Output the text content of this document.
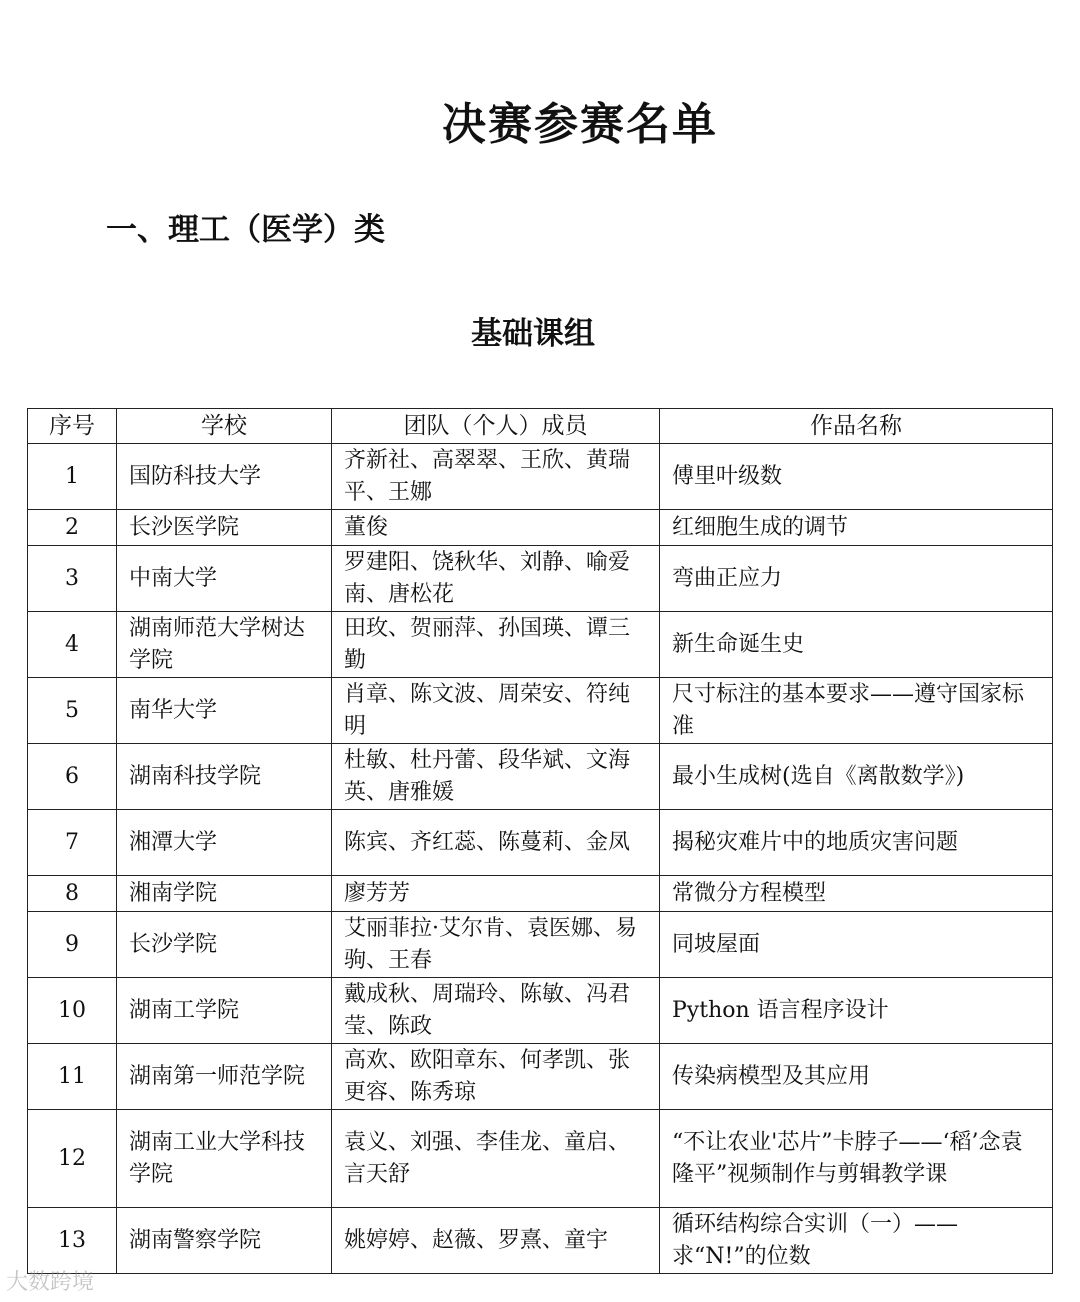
决赛参赛名单
一、理工（医学）类
基础课组
序号	学校	团队（个人）成员	作品名称
1	国防科技大学	齐新社、高翠翠、王欣、黄瑞平、王娜	傅里叶级数
2	长沙医学院	董俊	红细胞生成的调节
3	中南大学	罗建阳、饶秋华、刘静、喻爱南、唐松花	弯曲正应力
4	湖南师范大学树达学院	田玫、贺丽萍、孙国瑛、谭三勤	新生命诞生史
5	南华大学	肖章、陈文波、周荣安、符纯明	尺寸标注的基本要求——遵守国家标准
6	湖南科技学院	杜敏、杜丹蕾、段华斌、文海英、唐雅媛	最小生成树(选自《离散数学》)
7	湘潭大学	陈宾、齐红蕊、陈蔓莉、金凤	揭秘灾难片中的地质灾害问题
8	湘南学院	廖芳芳	常微分方程模型
9	长沙学院	艾丽菲拉·艾尔肯、袁医娜、易驹、王春	同坡屋面
10	湖南工学院	戴成秋、周瑞玲、陈敏、冯君莹、陈政	Python 语言程序设计
11	湖南第一师范学院	高欢、欧阳章东、何孝凯、张更容、陈秀琼	传染病模型及其应用
12	湖南工业大学科技学院	袁义、刘强、李佳龙、童启、言天舒	“不让农业'芯片”卡脖子——‘稻’念袁隆平”视频制作与剪辑教学课
13	湖南警察学院	姚婷婷、赵薇、罗熹、童宇	循环结构综合实训（一）——求“N!”的位数
大数跨境
